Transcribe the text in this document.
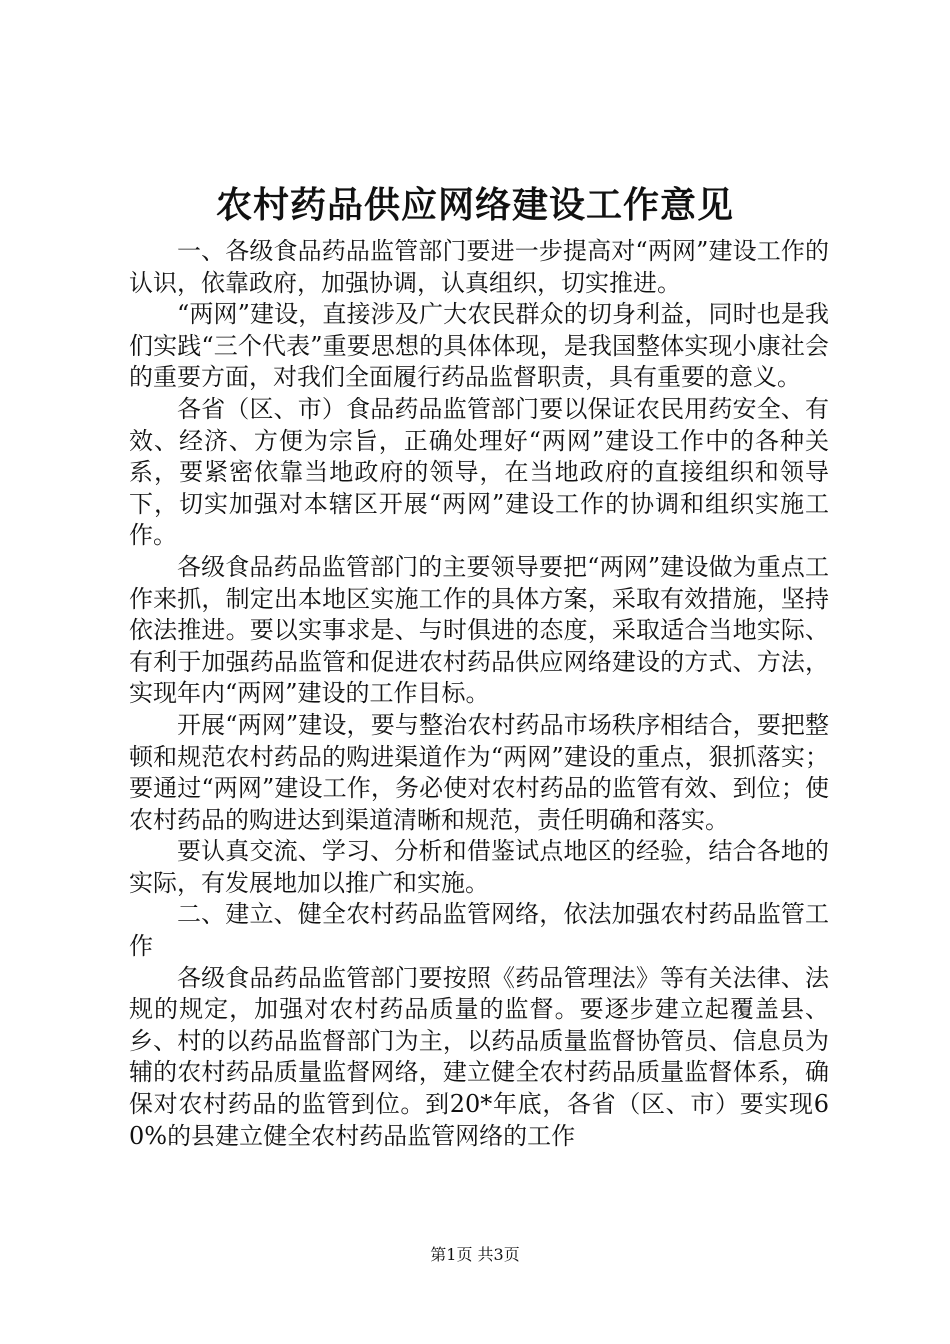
农村药品供应网络建设工作意见

一、各级食品药品监管部门要进一步提高对“两网”建设工作的认识，依靠政府，加强协调，认真组织，切实推进。

“两网”建设，直接涉及广大农民群众的切身利益，同时也是我们实践“三个代表”重要思想的具体体现，是我国整体实现小康社会的重要方面，对我们全面履行药品监督职责，具有重要的意义。

各省（区、市）食品药品监管部门要以保证农民用药安全、有效、经济、方便为宗旨，正确处理好“两网”建设工作中的各种关系，要紧密依靠当地政府的领导，在当地政府的直接组织和领导下，切实加强对本辖区开展“两网”建设工作的协调和组织实施工作。

各级食品药品监管部门的主要领导要把“两网”建设做为重点工作来抓，制定出本地区实施工作的具体方案，采取有效措施，坚持依法推进。要以实事求是、与时俱进的态度，采取适合当地实际、有利于加强药品监管和促进农村药品供应网络建设的方式、方法，实现年内“两网”建设的工作目标。

开展“两网”建设，要与整治农村药品市场秩序相结合，要把整顿和规范农村药品的购进渠道作为“两网”建设的重点，狠抓落实；要通过“两网”建设工作，务必使对农村药品的监管有效、到位；使农村药品的购进达到渠道清晰和规范，责任明确和落实。

要认真交流、学习、分析和借鉴试点地区的经验，结合各地的实际，有发展地加以推广和实施。

二、建立、健全农村药品监管网络，依法加强农村药品监管工作

各级食品药品监管部门要按照《药品管理法》等有关法律、法规的规定，加强对农村药品质量的监督。要逐步建立起覆盖县、乡、村的以药品监督部门为主，以药品质量监督协管员、信息员为辅的农村药品质量监督网络，建立健全农村药品质量监督体系，确保对农村药品的监管到位。到20*年底，各省（区、市）要实现60%的县建立健全农村药品监管网络的工作

第1页 共3页
